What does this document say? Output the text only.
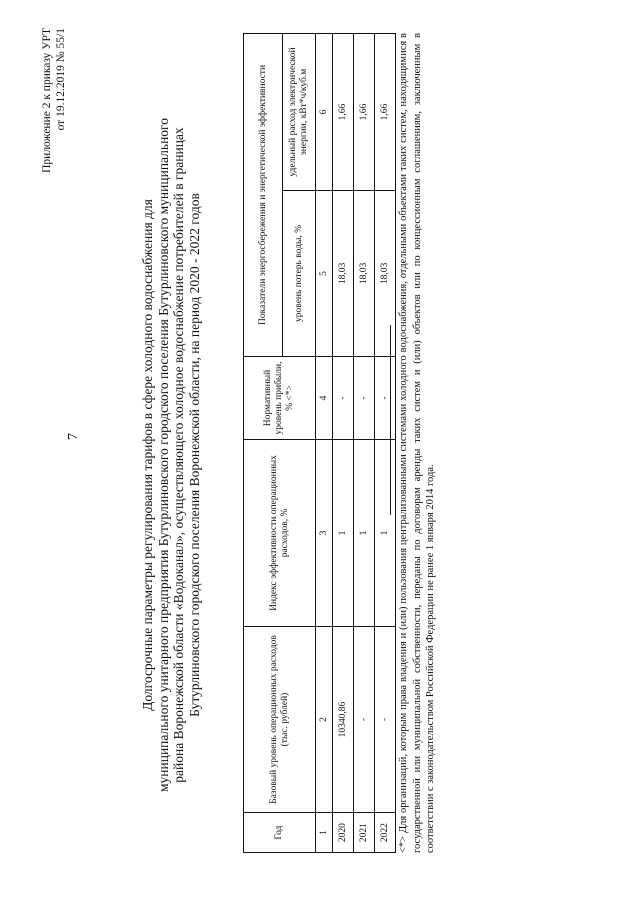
7
Приложение 2 к приказу УРТ от 19.12.2019 № 55/1
Долгосрочные параметры регулирования тарифов в сфере холодного водоснабжения для муниципального унитарного предприятия Бутурлиновского городского поселения Бутурлиновского муниципального района Воронежской области «Водоканал», осуществляющего холодное водоснабжение потребителей в границах Бутурлиновского городского поселения Воронежской области, на период 2020 - 2022 годов
Год	Базовый уровень операционных расходов (тыс. рублей)	Индекс эффективности операционных расходов, %	Нормативный уровень прибыли, % <*>	Показатели энергосбережения и энергетической эффективности	
				уровень потерь воды, %	удельный расход электрической энергии, кВт*ч/куб.м
1	2	3	4	5	6
2020	10340,86	1	-	18,03	1,66
2021	-	1	-	18,03	1,66
2022	-	1	-	18,03	1,66 <*> Для организаций, которым права владения и (или) пользования централизованными системами холодного водоснабжения, отдельными объектами таких систем, находящимися в государственной или муниципальной собственности, переданы по договорам аренды таких систем и (или) объектов или по концессионным соглашениям, заключенным в соответствии с законодательством Российской Федерации не ранее 1 января 2014 года.
